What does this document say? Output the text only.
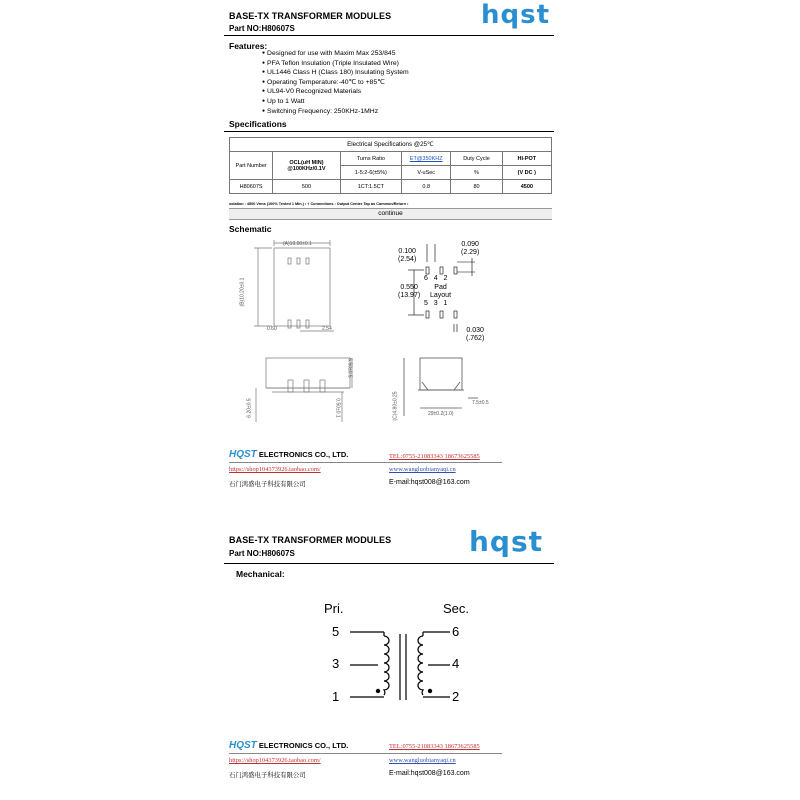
BASE-TX TRANSFORMER MODULES
Part NO:H80607S	hqst
Features:
● Designed for use with Maxim Max 253/845
● PFA Teflon Insulation (Triple Insulated Wire)
● UL1446 Class H (Class 180) Insulating System
● Operating Temperature:-40℃ to +85℃
● UL94-V0 Recognized Materials
● Up to 1 Watt
● Switching Frequency: 250KHz-1MHz
Specifications
Electrical Specifications @25℃					
Part Number	OCL(uH MIN) @100KHz/0.1V	Turns Ratio	ET@350KHZ	Duty Cycle	HI-POT
		1-5:2-6(±5%)	V-uSec	%	(V DC )
H80607S	500	1CT:1.5CT	0.8	80	4500
solation : 4500 Vrms (100% Tested 1 Min.) • † Connections : Output Center Tap as Common/Return •
continue
Schematic
(A)10.00±0.1
(B)10.20±0.1
0.60	2.54
0.100
(2.54)
0.090
(2.29)
6 4 2
0.550
(13.97)
Pad
Layout
5 3 1
0.030
(.762)
6.50±0.5
6.20±0.5	0.50±0.1	29±0.2(1.0)
7.5±0.5
(C)4.80±0.25
HQST ELECTRONICS CO., LTD.	TEL:0755-21083343 18673625585
https://shop104373926.taobao.com/	www.wangluobianyaqi.cn
石门鸿盛电子科技有限公司	E-mail:hqst008@163.com
BASE-TX TRANSFORMER MODULES
Part NO:H80607S	hqst
Mechanical:
Pri.	Sec.
5
3
1
6
4
2
HQST ELECTRONICS CO., LTD.	TEL:0755-21083343 18673625585
https://shop104373926.taobao.com/	www.wangluobianyaqi.cn
石门鸿盛电子科技有限公司	E-mail:hqst008@163.com
